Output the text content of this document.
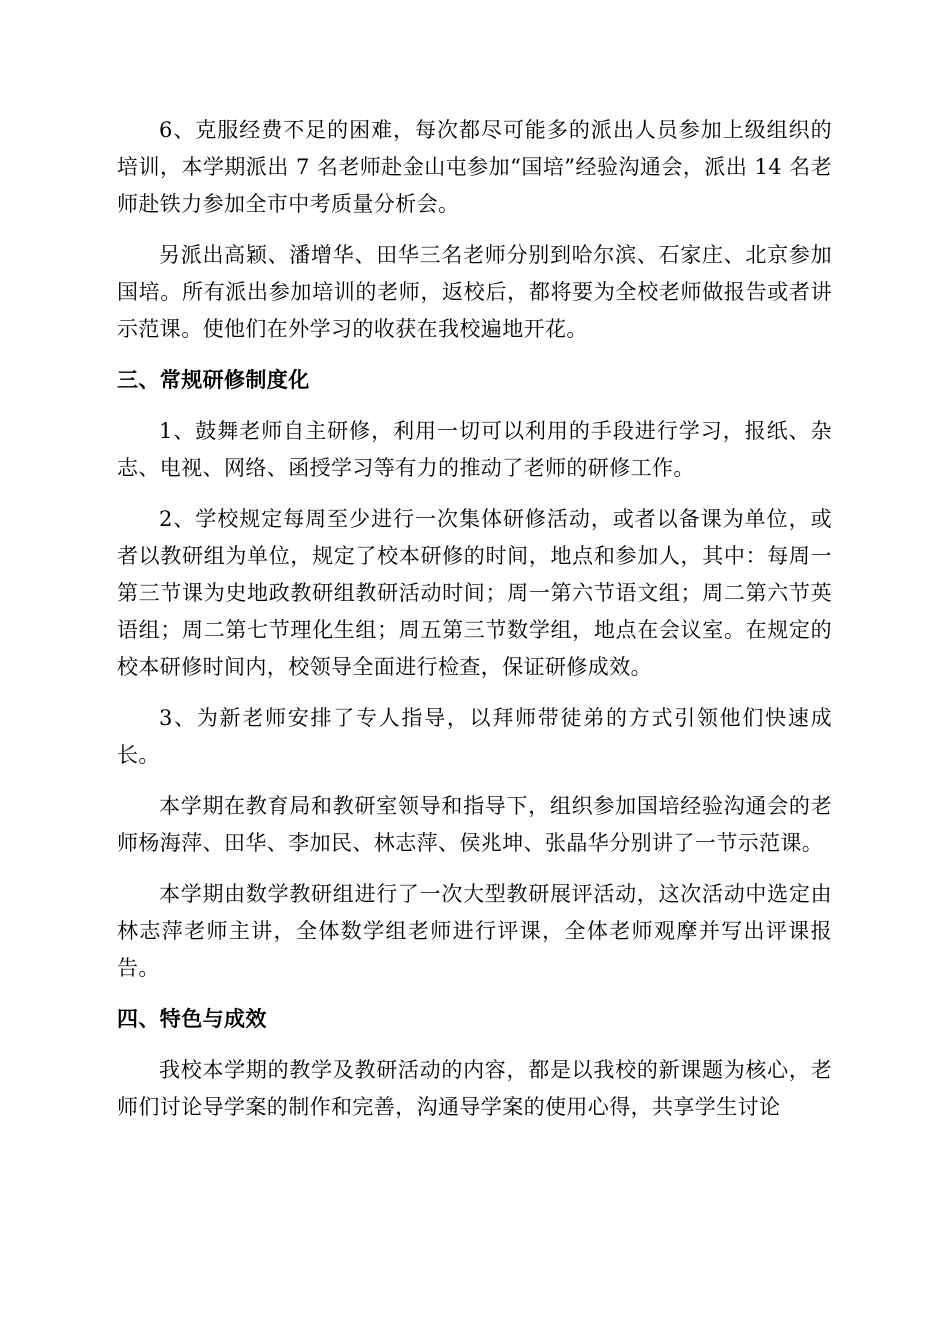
6、克服经费不足的困难，每次都尽可能多的派出人员参加上级组织的培训，本学期派出 7 名老师赴金山屯参加“国培”经验沟通会，派出 14 名老师赴铁力参加全市中考质量分析会。

另派出高颖、潘增华、田华三名老师分别到哈尔滨、石家庄、北京参加国培。所有派出参加培训的老师，返校后，都将要为全校老师做报告或者讲示范课。使他们在外学习的收获在我校遍地开花。

三、常规研修制度化

1、鼓舞老师自主研修，利用一切可以利用的手段进行学习，报纸、杂志、电视、网络、函授学习等有力的推动了老师的研修工作。

2、学校规定每周至少进行一次集体研修活动，或者以备课为单位，或者以教研组为单位，规定了校本研修的时间，地点和参加人，其中：每周一第三节课为史地政教研组教研活动时间；周一第六节语文组；周二第六节英语组；周二第七节理化生组；周五第三节数学组，地点在会议室。在规定的校本研修时间内，校领导全面进行检查，保证研修成效。

3、为新老师安排了专人指导，以拜师带徒弟的方式引领他们快速成长。

本学期在教育局和教研室领导和指导下，组织参加国培经验沟通会的老师杨海萍、田华、李加民、林志萍、侯兆坤、张晶华分别讲了一节示范课。

本学期由数学教研组进行了一次大型教研展评活动，这次活动中选定由林志萍老师主讲，全体数学组老师进行评课，全体老师观摩并写出评课报告。

四、特色与成效

我校本学期的教学及教研活动的内容，都是以我校的新课题为核心，老师们讨论导学案的制作和完善，沟通导学案的使用心得，共享学生讨论
